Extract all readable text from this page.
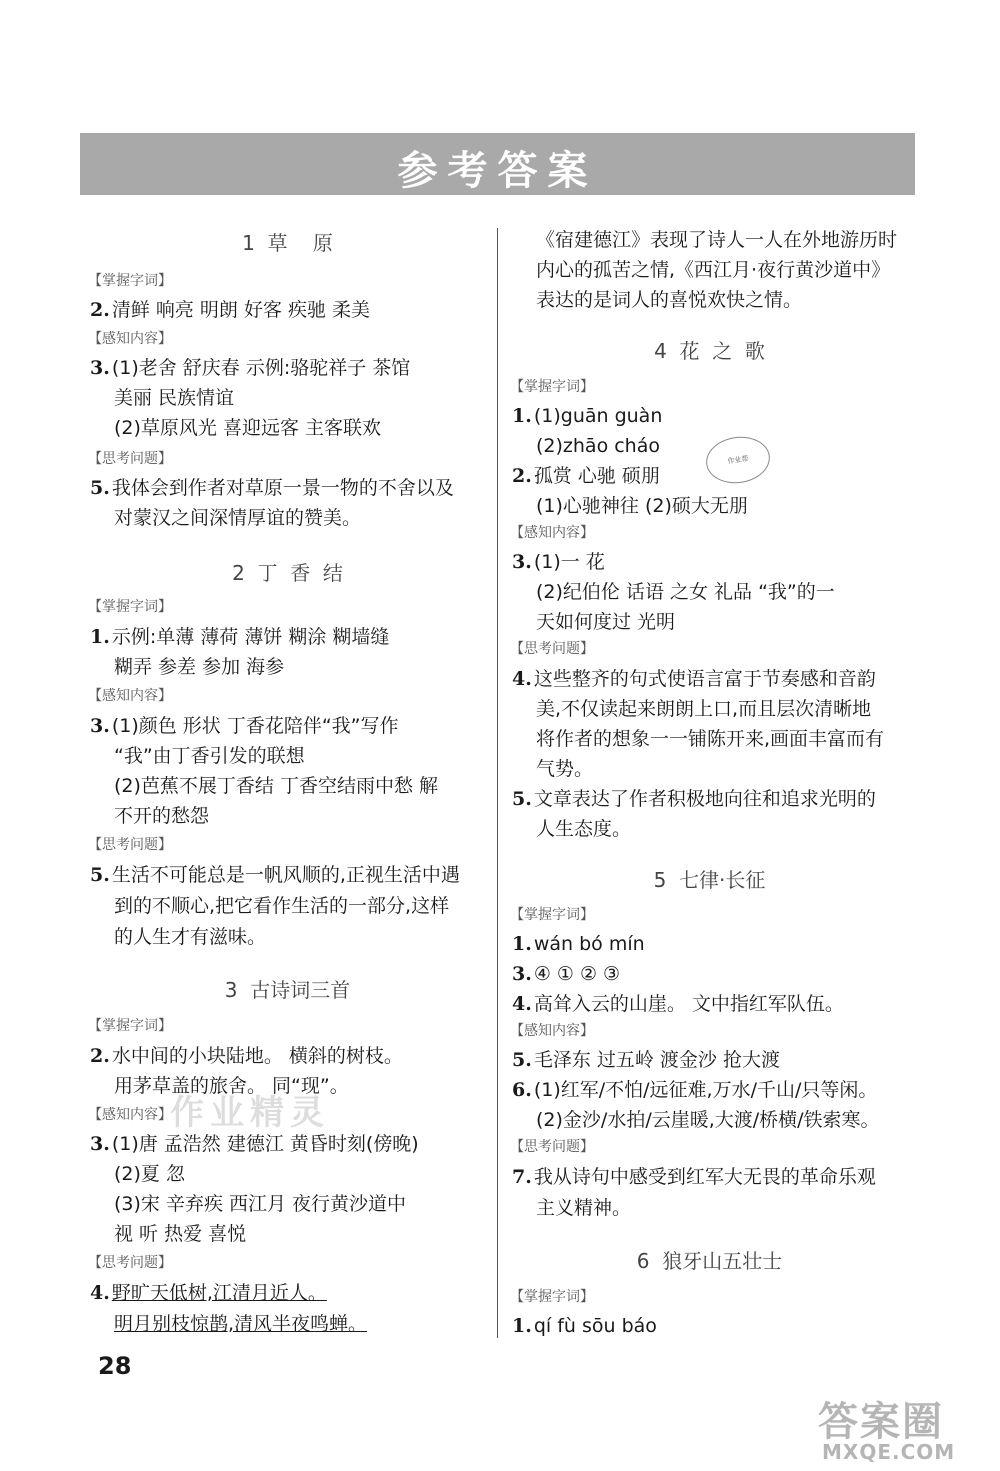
参考答案
1  草    原
【 掌握字词 】
2. 清鲜 响亮 明朗 好客 疾驰 柔美
【 感知内容 】
3. (1)老舍 舒庆春 示例:骆驼祥子 茶馆
美丽 民族情谊
(2)草原风光 喜迎远客 主客联欢
【 思考问题 】
5. 我体会到作者对草原一景一物的不舍以及
对蒙汉之间深情厚谊的赞美。
2  丁  香  结
【 掌握字词 】
1. 示例:单薄 薄荷 薄饼 糊涂 糊墙缝
糊弄 参差 参加 海参
【 感知内容 】
3. (1)颜色 形状 丁香花陪伴“我”写作
“我”由丁香引发的联想
(2)芭蕉不展丁香结 丁香空结雨中愁 解
不开的愁怨
【 思考问题 】
5. 生活不可能总是一帆风顺的,正视生活中遇
到的不顺心,把它看作生活的一部分,这样
的人生才有滋味。
3  古诗词三首
【 掌握字词 】
2. 水中间的小块陆地。 横斜的树枝。
用茅草盖的旅舍。 同“现”。
【 感知内容 】
3. (1)唐 孟浩然 建德江 黄昏时刻(傍晚)
(2)夏 忽
(3)宋 辛弃疾 西江月 夜行黄沙道中
视 听 热爱 喜悦
【 思考问题 】
4. 野旷天低树,江清月近人。
明月别枝惊鹊,清风半夜鸣蝉。
《宿建德江》表现了诗人一人在外地游历时
内心的孤苦之情,《西江月·夜行黄沙道中》
表达的是词人的喜悦欢快之情。
4  花  之  歌
【 掌握字词 】
1. (1)guān guàn
(2)zhāo cháo
2. 孤赏 心驰 硕朋
(1)心驰神往 (2)硕大无朋
【 感知内容 】
3. (1)一 花
(2)纪伯伦 话语 之女 礼品 “我”的一
天如何度过 光明
【 思考问题 】
4. 这些整齐的句式使语言富于节奏感和音韵
美,不仅读起来朗朗上口,而且层次清晰地
将作者的想象一一铺陈开来,画面丰富而有
气势。
5. 文章表达了作者积极地向往和追求光明的
人生态度。
5  七律·长征
【 掌握字词 】
1. wán bó mín
3. ④ ① ② ③
4. 高耸入云的山崖。 文中指红军队伍。
【 感知内容 】
5. 毛泽东 过五岭 渡金沙 抢大渡
6. (1)红军/不怕/远征难,万水/千山/只等闲。
(2)金沙/水拍/云崖暖,大渡/桥横/铁索寒。
【 思考问题 】
7. 我从诗句中感受到红军大无畏的革命乐观
主义精神。
6  狼牙山五壮士
【 掌握字词 】
1. qí fù sōu báo
作业帮
作业精灵
28
答案圈
MXQE.COM
